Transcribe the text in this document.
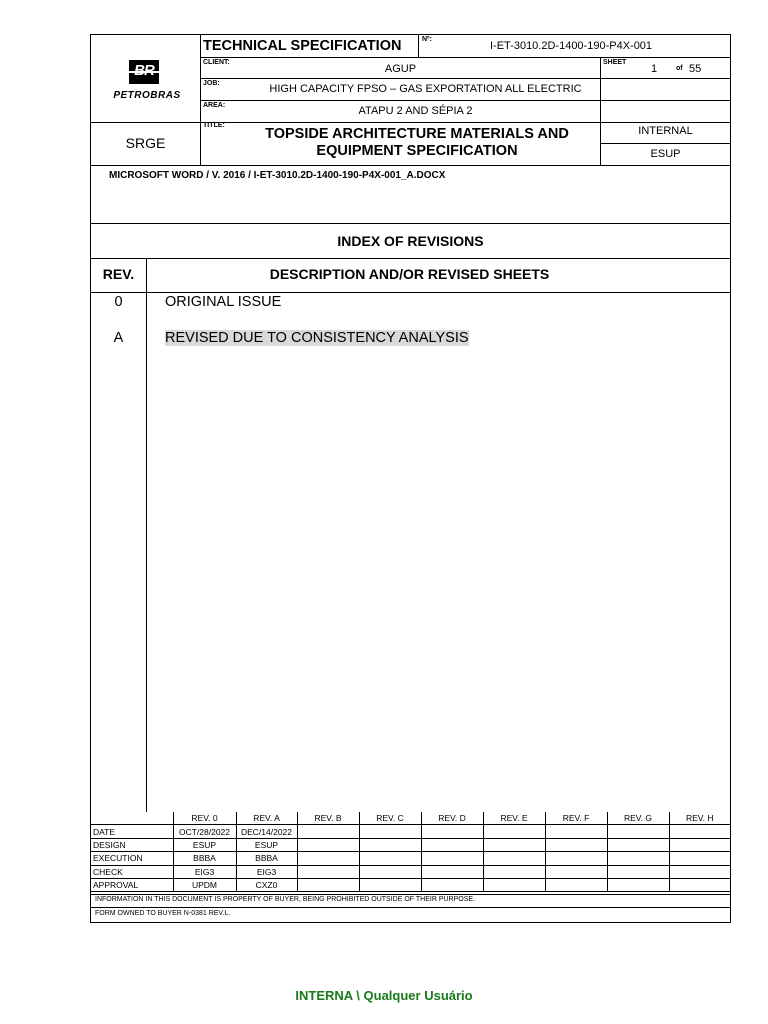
BR
PETROBRAS
TECHNICAL SPECIFICATION	Nº:
I-ET-3010.2D-1400-190-P4X-001
CLIENT:
AGUP
SHEET
1	of 55
JOB:	HIGH CAPACITY FPSO – GAS EXPORTATION ALL ELECTRIC
AREA:	ATAPU 2 AND SÉPIA 2
SRGE
TITLE:
TOPSIDE ARCHITECTURE MATERIALS AND
EQUIPMENT SPECIFICATION
INTERNAL
ESUP
MICROSOFT WORD / V. 2016 / I-ET-3010.2D-1400-190-P4X-001_A.DOCX
INDEX OF REVISIONS
REV.	DESCRIPTION AND/OR REVISED SHEETS
0	ORIGINAL ISSUE
A	REVISED DUE TO CONSISTENCY ANALYSIS
	REV. 0	REV. A	REV. B	REV. C	REV. D	REV. E	REV. F	REV. G	REV. H
DATE	OCT/28/2022	DEC/14/2022							
DESIGN	ESUP	ESUP							
EXECUTION	BBBA	BBBA							
CHECK	EIG3	EIG3							
APPROVAL	UPDM	CXZ0							
INFORMATION IN THIS DOCUMENT IS PROPERTY OF BUYER, BEING PROHIBITED OUTSIDE OF THEIR PURPOSE.
FORM OWNED TO BUYER N-0381 REV.L.
INTERNA \ Qualquer Usuário
